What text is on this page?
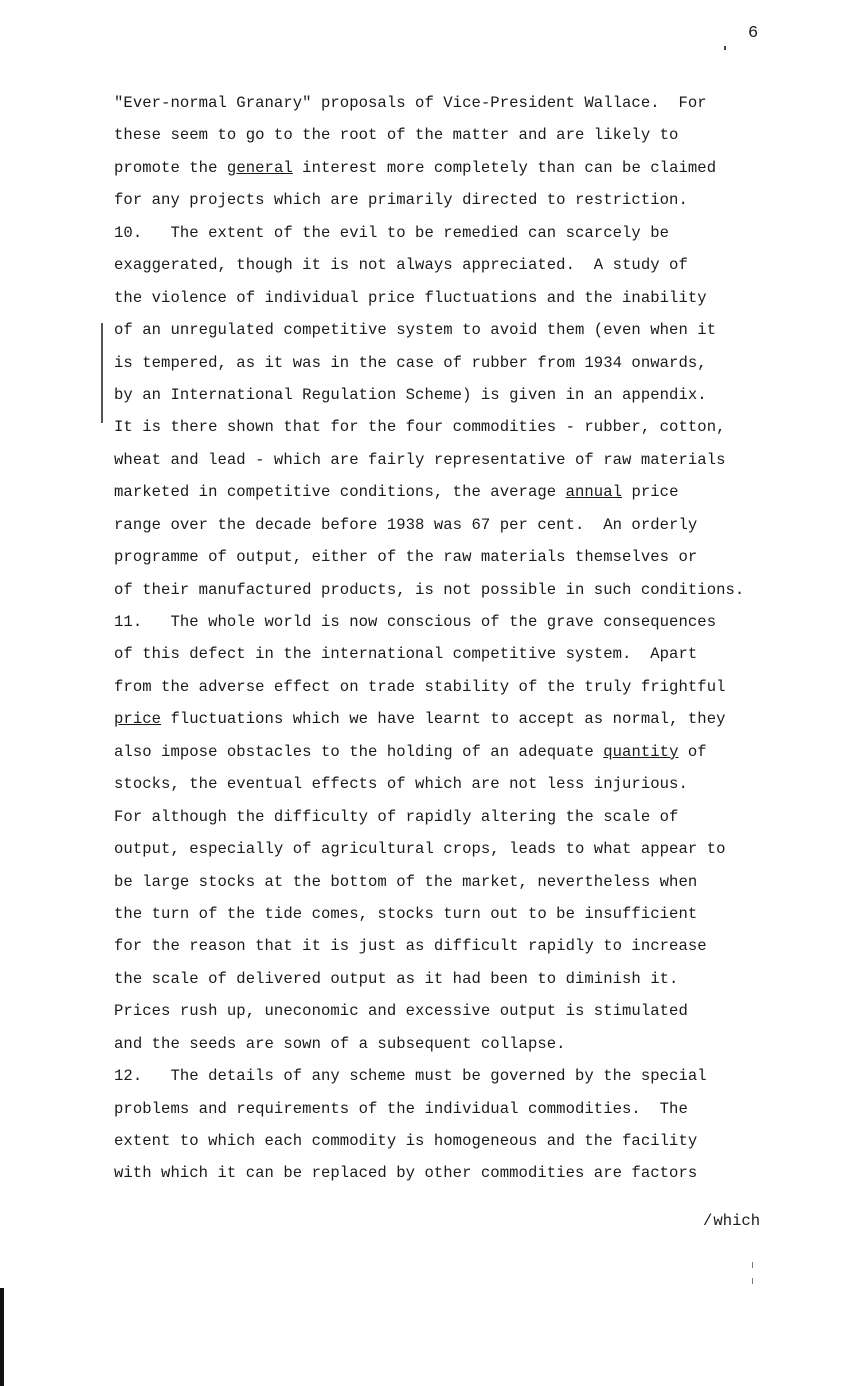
6
"Ever-normal Granary" proposals of Vice-President Wallace.  For
these seem to go to the root of the matter and are likely to
promote the general interest more completely than can be claimed
for any projects which are primarily directed to restriction.
10.   The extent of the evil to be remedied can scarcely be
exaggerated, though it is not always appreciated.  A study of
the violence of individual price fluctuations and the inability
of an unregulated competitive system to avoid them (even when it
is tempered, as it was in the case of rubber from 1934 onwards,
by an International Regulation Scheme) is given in an appendix.
It is there shown that for the four commodities - rubber, cotton,
wheat and lead - which are fairly representative of raw materials
marketed in competitive conditions, the average annual price
range over the decade before 1938 was 67 per cent.  An orderly
programme of output, either of the raw materials themselves or
of their manufactured products, is not possible in such conditions.
11.   The whole world is now conscious of the grave consequences
of this defect in the international competitive system.  Apart
from the adverse effect on trade stability of the truly frightful
price fluctuations which we have learnt to accept as normal, they
also impose obstacles to the holding of an adequate quantity of
stocks, the eventual effects of which are not less injurious.
For although the difficulty of rapidly altering the scale of
output, especially of agricultural crops, leads to what appear to
be large stocks at the bottom of the market, nevertheless when
the turn of the tide comes, stocks turn out to be insufficient
for the reason that it is just as difficult rapidly to increase
the scale of delivered output as it had been to diminish it.
Prices rush up, uneconomic and excessive output is stimulated
and the seeds are sown of a subsequent collapse.
12.   The details of any scheme must be governed by the special
problems and requirements of the individual commodities.  The
extent to which each commodity is homogeneous and the facility
with which it can be replaced by other commodities are factors
/which
